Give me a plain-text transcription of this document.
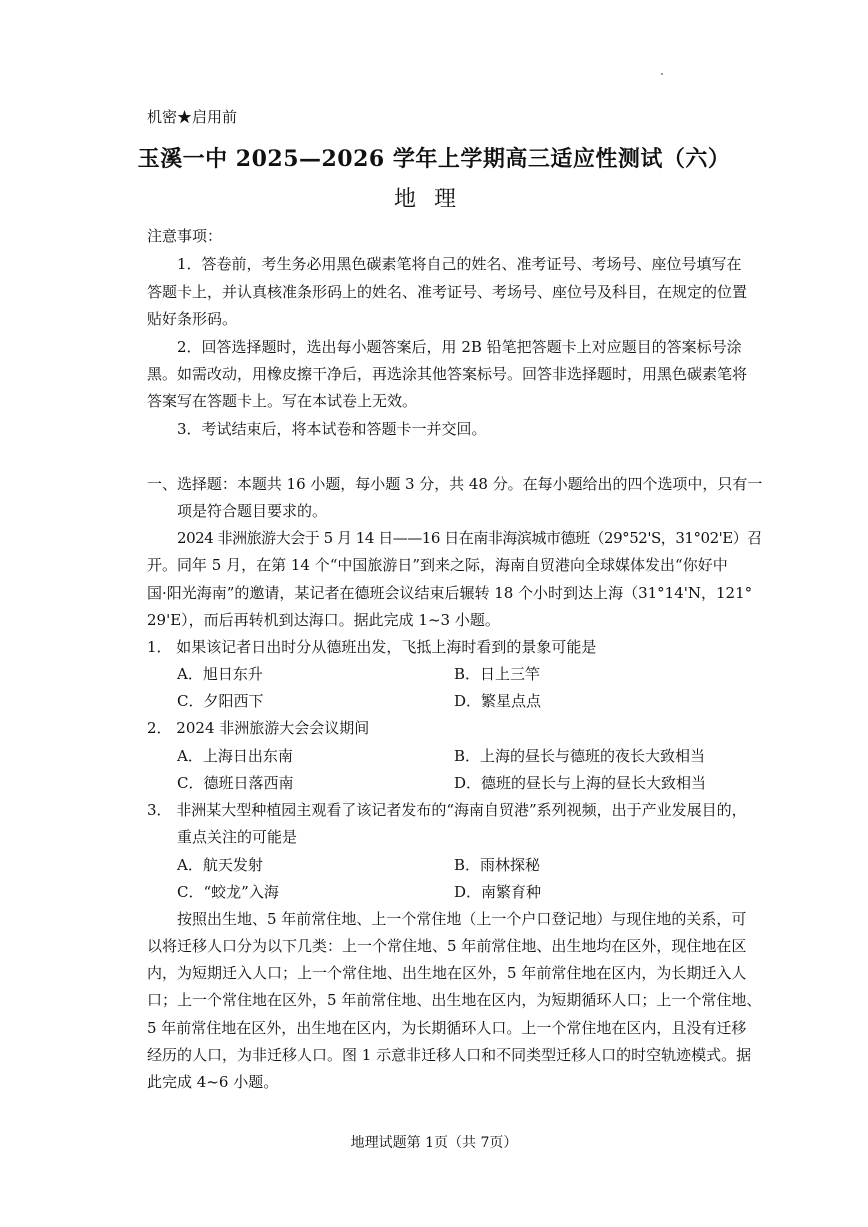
机密★启用前
玉溪一中 2025—2026 学年上学期高三适应性测试（六）
地理
注意事项：
1．答卷前，考生务必用黑色碳素笔将自己的姓名、准考证号、考场号、座位号填写在
答题卡上，并认真核准条形码上的姓名、准考证号、考场号、座位号及科目，在规定的位置
贴好条形码。
2．回答选择题时，选出每小题答案后，用 2B 铅笔把答题卡上对应题目的答案标号涂
黑。如需改动，用橡皮擦干净后，再选涂其他答案标号。回答非选择题时，用黑色碳素笔将
答案写在答题卡上。写在本试卷上无效。
3．考试结束后，将本试卷和答题卡一并交回。
一、选择题：本题共 16 小题，每小题 3 分，共 48 分。在每小题给出的四个选项中，只有一
项是符合题目要求的。
2024 非洲旅游大会于 5 月 14 日——16 日在南非海滨城市德班（29°52'S，31°02'E）召
开。同年 5 月，在第 14 个“中国旅游日”到来之际，海南自贸港向全球媒体发出“你好中
国·阳光海南”的邀请，某记者在德班会议结束后辗转 18 个小时到达上海（31°14'N，121°
29'E），而后再转机到达海口。据此完成 1~3 小题。
1． 如果该记者日出时分从德班出发，飞抵上海时看到的景象可能是
A．旭日东升	B．日上三竿
C．夕阳西下	D．繁星点点
2． 2024 非洲旅游大会会议期间
A．上海日出东南	B．上海的昼长与德班的夜长大致相当
C．德班日落西南	D．德班的昼长与上海的昼长大致相当
3． 非洲某大型种植园主观看了该记者发布的“海南自贸港”系列视频，出于产业发展目的，
重点关注的可能是
A．航天发射	B．雨林探秘
C．“蛟龙”入海	D．南繁育种
按照出生地、5 年前常住地、上一个常住地（上一个户口登记地）与现住地的关系，可
以将迁移人口分为以下几类：上一个常住地、5 年前常住地、出生地均在区外，现住地在区
内，为短期迁入人口；上一个常住地、出生地在区外，5 年前常住地在区内，为长期迁入人
口；上一个常住地在区外，5 年前常住地、出生地在区内，为短期循环人口；上一个常住地、
5 年前常住地在区外，出生地在区内，为长期循环人口。上一个常住地在区内，且没有迁移
经历的人口，为非迁移人口。图 1 示意非迁移人口和不同类型迁移人口的时空轨迹模式。据
此完成 4~6 小题。
地理试题第 1页（共 7页）
